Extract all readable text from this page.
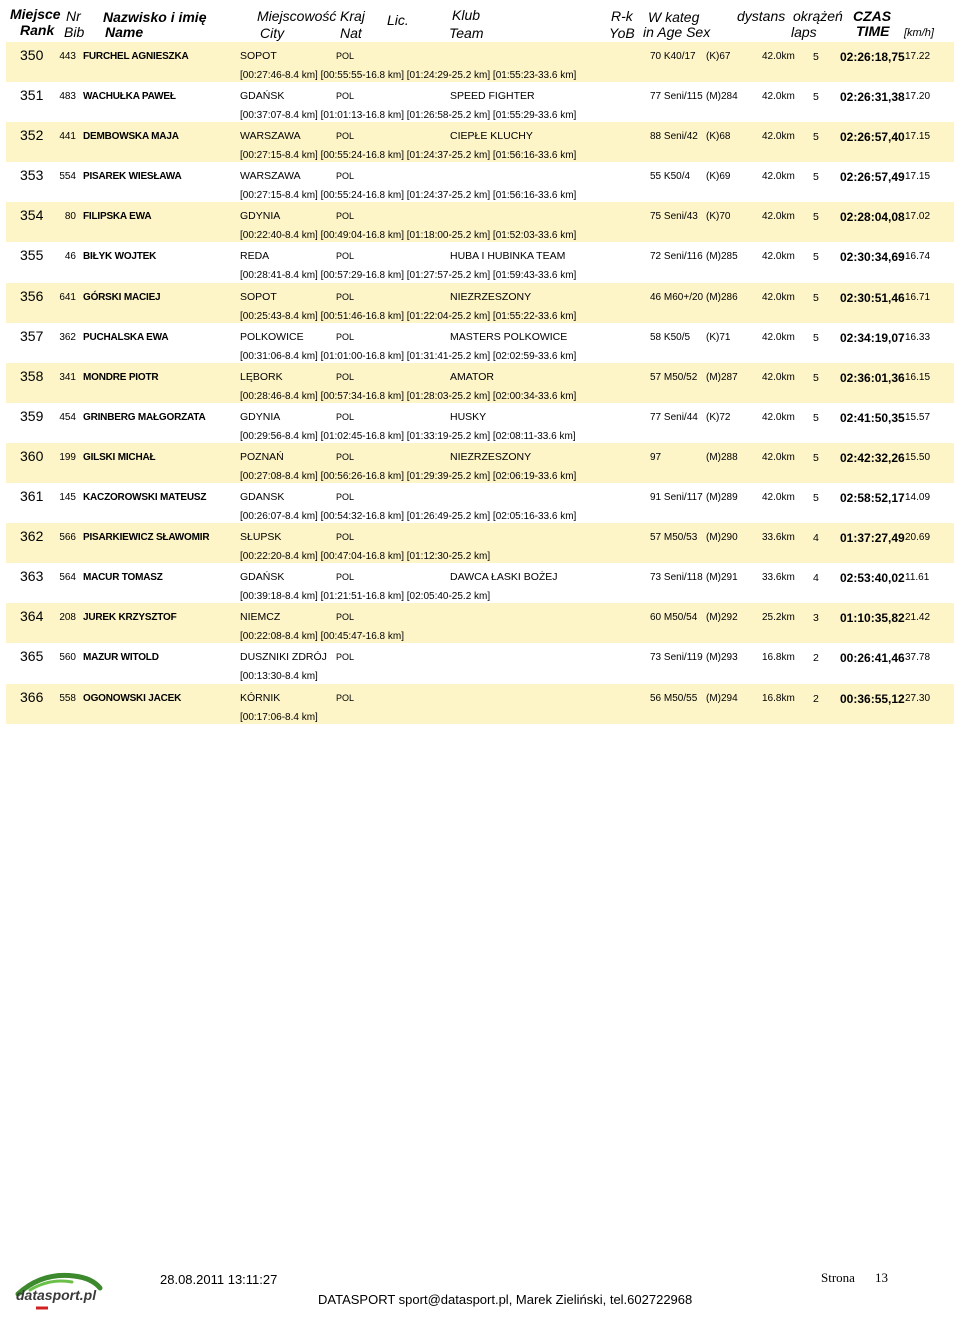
Miejsce
Rank
Nr
Bib
Nazwisko i imię
Name
Miejscowość
City
Kraj
Nat
Lic.	Klub
Team
R-k
YoB
W kateg
in Age Sex
dystans okrążeń
laps
CZAS
TIME [km/h]
350	443 FURCHEL AGNIESZKA	SOPOT	POL	70 K40/17 (K)67	42.0km 5 02:26:18,75 17.22
[00:27:46-8.4 km] [00:55:55-16.8 km] [01:24:29-25.2 km] [01:55:23-33.6 km]
351	483 WACHUŁKA PAWEŁ	GDAŃSK	POL	SPEED FIGHTER	77 Seni/115 (M)284 42.0km 5 02:26:31,38 17.20
[00:37:07-8.4 km] [01:01:13-16.8 km] [01:26:58-25.2 km] [01:55:29-33.6 km]
352	441 DEMBOWSKA MAJA	WARSZAWA	POL	CIEPŁE KLUCHY	88 Seni/42 (K)68	42.0km 5 02:26:57,40 17.15
[00:27:15-8.4 km] [00:55:24-16.8 km] [01:24:37-25.2 km] [01:56:16-33.6 km]
353	554 PISAREK WIESŁAWA	WARSZAWA	POL	55 K50/4 (K)69	42.0km 5 02:26:57,49 17.15
[00:27:15-8.4 km] [00:55:24-16.8 km] [01:24:37-25.2 km] [01:56:16-33.6 km]
354	80 FILIPSKA EWA	GDYNIA	POL	75 Seni/43 (K)70	42.0km 5 02:28:04,08 17.02
[00:22:40-8.4 km] [00:49:04-16.8 km] [01:18:00-25.2 km] [01:52:03-33.6 km]
355	46 BIŁYK WOJTEK	REDA	POL	HUBA I HUBINKA TEAM	72 Seni/116 (M)285 42.0km 5 02:30:34,69 16.74
[00:28:41-8.4 km] [00:57:29-16.8 km] [01:27:57-25.2 km] [01:59:43-33.6 km]
356	641 GÓRSKI MACIEJ	SOPOT	POL	NIEZRZESZONY	46 M60+/20 (M)286 42.0km 5 02:30:51,46 16.71
[00:25:43-8.4 km] [00:51:46-16.8 km] [01:22:04-25.2 km] [01:55:22-33.6 km]
357	362 PUCHALSKA EWA	POLKOWICE	POL	MASTERS POLKOWICE	58 K50/5 (K)71	42.0km 5 02:34:19,07 16.33
[00:31:06-8.4 km] [01:01:00-16.8 km] [01:31:41-25.2 km] [02:02:59-33.6 km]
358	341 MONDRE PIOTR	LĘBORK	POL	AMATOR	57 M50/52 (M)287 42.0km 5 02:36:01,36 16.15
[00:28:46-8.4 km] [00:57:34-16.8 km] [01:28:03-25.2 km] [02:00:34-33.6 km]
359	454 GRINBERG MAŁGORZATA	GDYNIA	POL	HUSKY	77 Seni/44 (K)72	42.0km 5 02:41:50,35 15.57
[00:29:56-8.4 km] [01:02:45-16.8 km] [01:33:19-25.2 km] [02:08:11-33.6 km]
360	199 GILSKI MICHAŁ	POZNAŃ	POL	NIEZRZESZONY	97	(M)288 42.0km 5 02:42:32,26 15.50
[00:27:08-8.4 km] [00:56:26-16.8 km] [01:29:39-25.2 km] [02:06:19-33.6 km]
361	145 KACZOROWSKI MATEUSZ	GDANSK	POL	91 Seni/117 (M)289 42.0km 5 02:58:52,17 14.09
[00:26:07-8.4 km] [00:54:32-16.8 km] [01:26:49-25.2 km] [02:05:16-33.6 km]
362	566 PISARKIEWICZ SŁAWOMIR	SŁUPSK	POL	57 M50/53 (M)290 33.6km 4 01:37:27,49 20.69
[00:22:20-8.4 km] [00:47:04-16.8 km] [01:12:30-25.2 km]
363	564 MACUR TOMASZ	GDAŃSK	POL	DAWCA ŁASKI BOŻEJ	73 Seni/118 (M)291 33.6km 4 02:53:40,02 11.61
[00:39:18-8.4 km] [01:21:51-16.8 km] [02:05:40-25.2 km]
364	208 JUREK KRZYSZTOF	NIEMCZ	POL	60 M50/54 (M)292 25.2km 3 01:10:35,82 21.42
[00:22:08-8.4 km] [00:45:47-16.8 km]
365	560 MAZUR WITOLD	DUSZNIKI ZDRÓJ POL	73 Seni/119 (M)293 16.8km 2 00:26:41,46 37.78
[00:13:30-8.4 km]
366	558 OGONOWSKI JACEK	KÓRNIK	POL	56 M50/55 (M)294 16.8km 2 00:36:55,12 27.30
[00:17:06-8.4 km]
datasport.pl
28.08.2011 13:11:27	Strona 13
DATASPORT sport@datasport.pl, Marek Zieliński, tel.602722968
